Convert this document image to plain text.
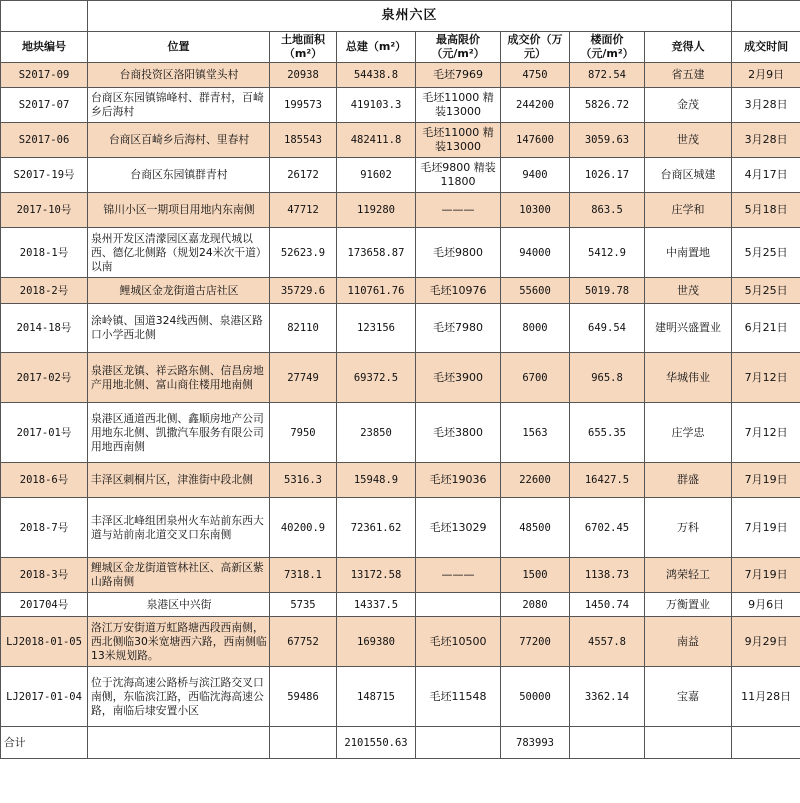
	泉州六区							
地块编号	位置	土地面积（m²）	总建（m²）	最高限价（元/m²）	成交价（万元）	楼面价（元/m²）	竞得人	成交时间
S2017-09	台商投资区洛阳镇堂头村	20938	54438.8	毛坯7969	4750	872.54	省五建	2月9日
S2017-07	台商区东园镇锦峰村、群青村，百崎乡后海村	199573	419103.3	毛坯11000 精装13000	244200	5826.72	金茂	3月28日
S2017-06	台商区百崎乡后海村、里春村	185543	482411.8	毛坯11000 精装13000	147600	3059.63	世茂	3月28日
S2017-19号	台商区东园镇群青村	26172	91602	毛坯9800 精装11800	9400	1026.17	台商区城建	4月17日
2017-10号	锦川小区一期项目用地内东南侧	47712	119280	———	10300	863.5	庄学和	5月18日
2018-1号	泉州开发区清濛园区嘉龙现代城以西、德亿北侧路（规划24米次干道）以南	52623.9	173658.87	毛坯9800	94000	5412.9	中南置地	5月25日
2018-2号	鲤城区金龙街道古店社区	35729.6	110761.76	毛坯10976	55600	5019.78	世茂	5月25日
2014-18号	涂岭镇、国道324线西侧、泉港区路口小学西北侧	82110	123156	毛坯7980	8000	649.54	建明兴盛置业	6月21日
2017-02号	泉港区龙镇、祥云路东侧、信昌房地产用地北侧、富山商住楼用地南侧	27749	69372.5	毛坯3900	6700	965.8	华城伟业	7月12日
2017-01号	泉港区通道西北侧、鑫顺房地产公司用地东北侧、凯撒汽车服务有限公司用地西南侧	7950	23850	毛坯3800	1563	655.35	庄学忠	7月12日
2018-6号	丰泽区刺桐片区，津淮街中段北侧	5316.3	15948.9	毛坯19036	22600	16427.5	群盛	7月19日
2018-7号	丰泽区北峰组团泉州火车站前东西大道与站前南北道交叉口东南侧	40200.9	72361.62	毛坯13029	48500	6702.45	万科	7月19日
2018-3号	鲤城区金龙街道管林社区、高新区紫山路南侧	7318.1	13172.58	———	1500	1138.73	鸿荣轻工	7月19日
201704号	泉港区中兴街	5735	14337.5		2080	1450.74	万衡置业	9月6日
LJ2018-01-05	洛江万安街道万虹路塘西段西南侧，西北侧临30米宽塘西六路，西南侧临13米规划路。	67752	169380	毛坯10500	77200	4557.8	南益	9月29日
LJ2017-01-04	位于沈海高速公路桥与滨江路交叉口南侧，东临滨江路，西临沈海高速公路，南临后埭安置小区	59486	148715	毛坯11548	50000	3362.14	宝嘉	11月28日
合计			2101550.63		783993			
